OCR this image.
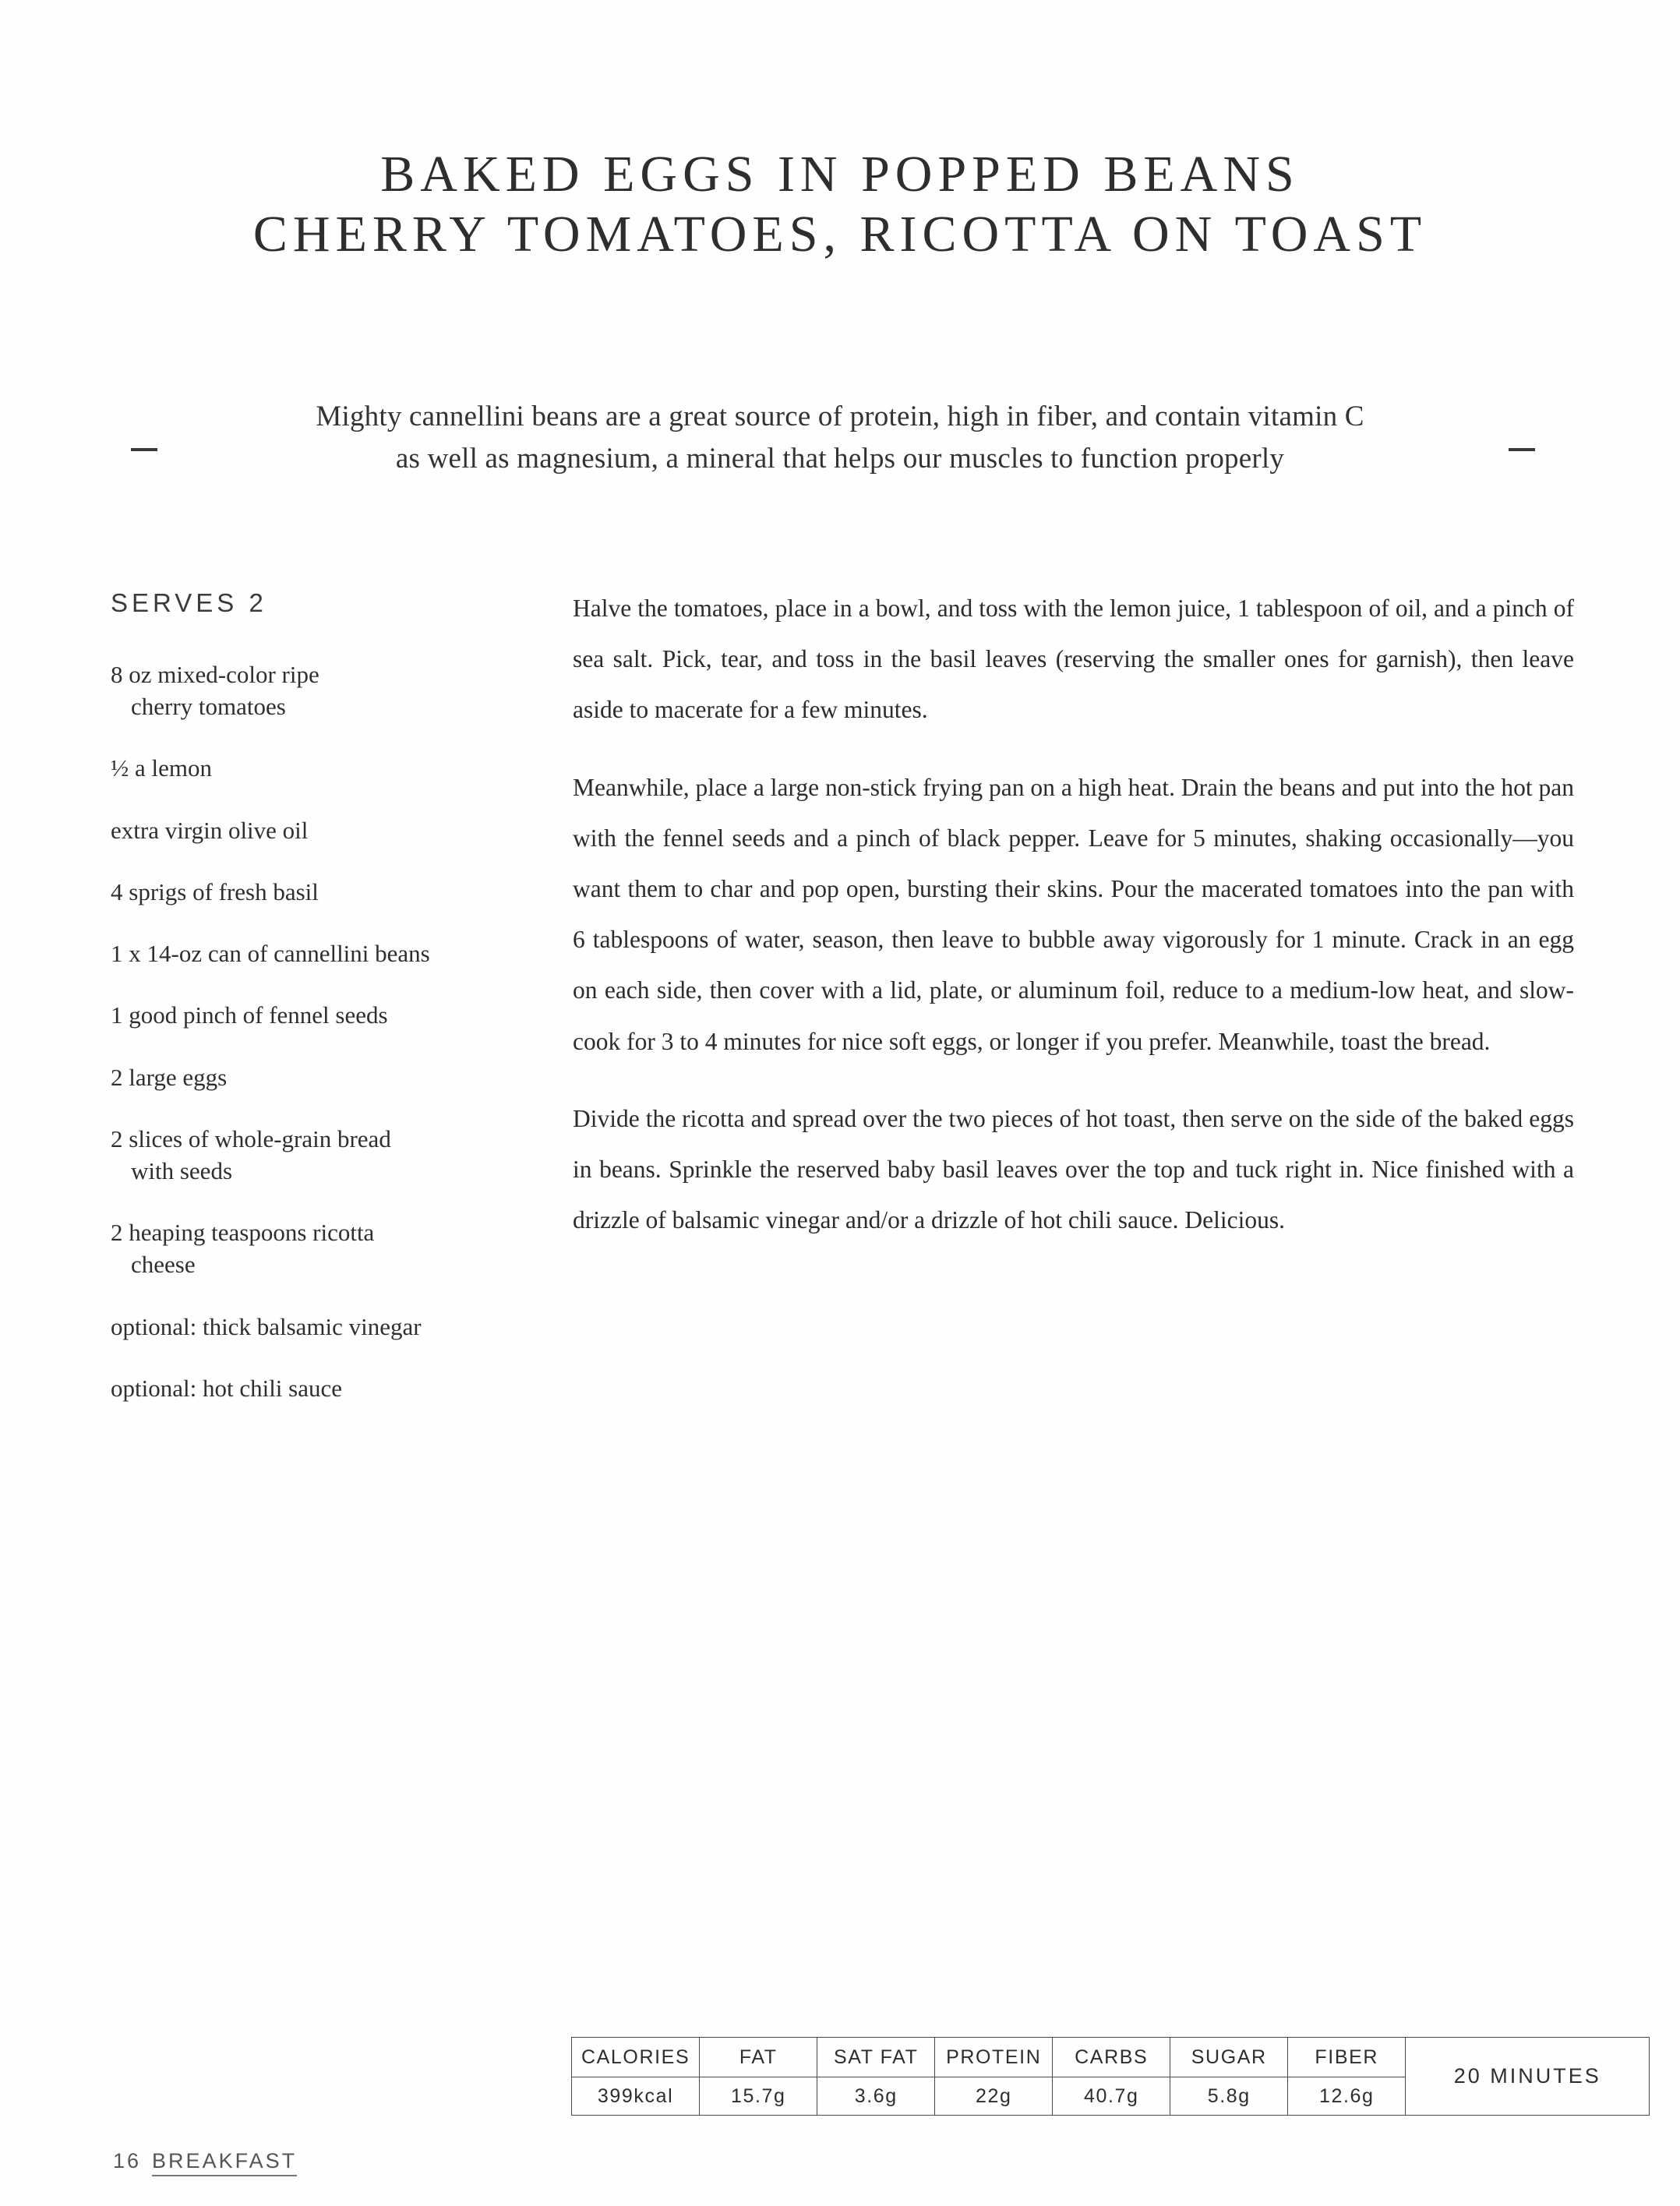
BAKED EGGS IN POPPED BEANS
CHERRY TOMATOES, RICOTTA ON TOAST
Mighty cannellini beans are a great source of protein, high in fiber, and contain vitamin C
as well as magnesium, a mineral that helps our muscles to function properly
SERVES 2
8 oz mixed-color ripe
cherry tomatoes
½ a lemon
extra virgin olive oil
4 sprigs of fresh basil
1 x 14-oz can of cannellini beans
1 good pinch of fennel seeds
2 large eggs
2 slices of whole-grain bread
with seeds
2 heaping teaspoons ricotta
cheese
optional: thick balsamic vinegar
optional: hot chili sauce

Halve the tomatoes, place in a bowl, and toss with the lemon juice, 1 tablespoon of oil, and a pinch of sea salt. Pick, tear, and toss in the basil leaves (reserving the smaller ones for garnish), then leave aside to macerate for a few minutes.

Meanwhile, place a large non-stick frying pan on a high heat. Drain the beans and put into the hot pan with the fennel seeds and a pinch of black pepper. Leave for 5 minutes, shaking occasionally—you want them to char and pop open, bursting their skins. Pour the macerated tomatoes into the pan with 6 tablespoons of water, season, then leave to bubble away vigorously for 1 minute. Crack in an egg on each side, then cover with a lid, plate, or aluminum foil, reduce to a medium-low heat, and slow-cook for 3 to 4 minutes for nice soft eggs, or longer if you prefer. Meanwhile, toast the bread.

Divide the ricotta and spread over the two pieces of hot toast, then serve on the side of the baked eggs in beans. Sprinkle the reserved baby basil leaves over the top and tuck right in. Nice finished with a drizzle of balsamic vinegar and/or a drizzle of hot chili sauce. Delicious.

CALORIES	FAT	SAT FAT	PROTEIN	CARBS	SUGAR	FIBER
399kcal	15.7g	3.6g	22g	40.7g	5.8g	12.6g
20 MINUTES
16 BREAKFAST
